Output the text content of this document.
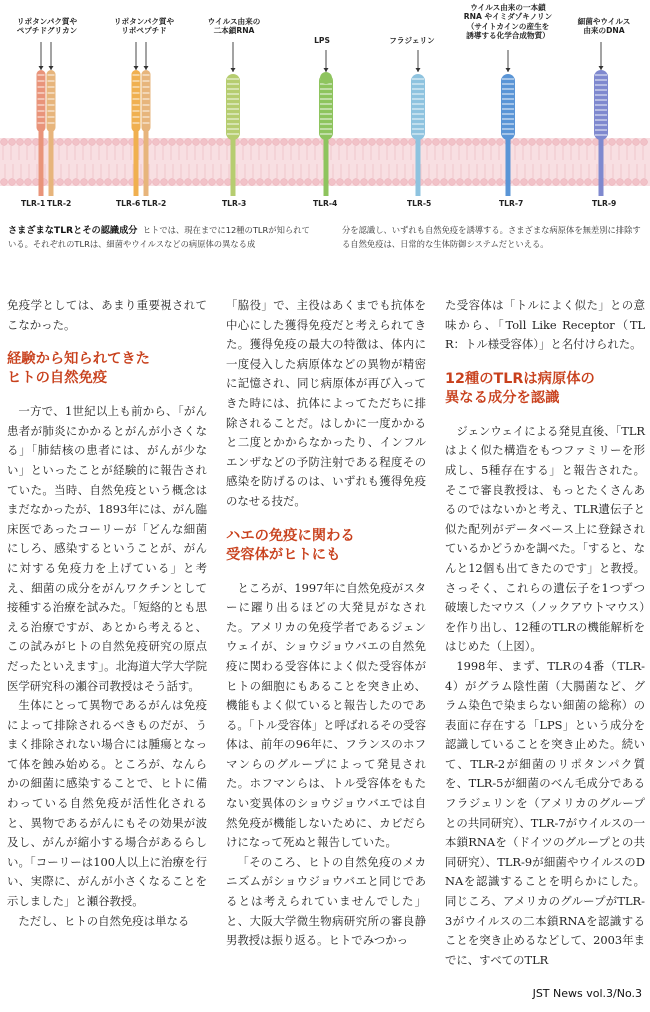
リポタンパク質や
ペプチドグリカン
リポタンパク質や
リポペプチド
ウイルス由来の
二本鎖RNA
LPS	フラジェリン
ウイルス由来の一本鎖
RNA やイミダゾキノリン
（サイトカインの産生を
誘導する化学合成物質）
細菌やウイルス
由来のDNA
TLR-1 TLR-2	TLR-6 TLR-2	TLR-3	TLR-4	TLR-5	TLR-7	TLR-9
さまざまなTLRとその認識成分 ヒトでは、現在までに12種のTLRが知られている。それぞれのTLRは、細菌やウイルスなどの病原体の異なる成
分を認識し、いずれも自然免疫を誘導する。さまざまな病原体を無差別に排除する自然免疫は、日常的な生体防御システムだといえる。

免疫学としては、あまり重要視されてこなかった。

経験から知られてきた
ヒトの自然免疫

一方で、1世紀以上も前から、「がん患者が肺炎にかかるとがんが小さくなる」「肺結核の患者には、がんが少ない」といったことが経験的に報告されていた。当時、自然免疫という概念はまだなかったが、1893年には、がん臨床医であったコーリーが「どんな細菌にしろ、感染するということが、がんに対する免疫力を上げている」と考え、細菌の成分をがんワクチンとして接種する治療を試みた。「短絡的とも思える治療ですが、あとから考えると、この試みがヒトの自然免疫研究の原点だったといえます」。北海道大学大学院医学研究科の瀬谷司教授はそう話す。

生体にとって異物であるがんは免疫によって排除されるべきものだが、うまく排除されない場合には腫瘍となって体を蝕み始める。ところが、なんらかの細菌に感染することで、ヒトに備わっている自然免疫が活性化されると、異物であるがんにもその効果が波及し、がんが縮小する場合があるらしい。「コーリーは100人以上に治療を行い、実際に、がんが小さくなることを示しました」と瀬谷教授。

ただし、ヒトの自然免疫は単なる

「脇役」で、主役はあくまでも抗体を中心にした獲得免疫だと考えられてきた。獲得免疫の最大の特徴は、体内に一度侵入した病原体などの異物が精密に記憶され、同じ病原体が再び入ってきた時には、抗体によってただちに排除されることだ。はしかに一度かかると二度とかからなかったり、インフルエンザなどの予防注射である程度その感染を防げるのは、いずれも獲得免疫のなせる技だ。

ハエの免疫に関わる
受容体がヒトにも

ところが、1997年に自然免疫がスターに躍り出るほどの大発見がなされた。アメリカの免疫学者であるジェンウェイが、ショウジョウバエの自然免疫に関わる受容体によく似た受容体がヒトの細胞にもあることを突き止め、機能もよく似ていると報告したのである。「トル受容体」と呼ばれるその受容体は、前年の96年に、フランスのホフマンらのグループによって発見された。ホフマンらは、トル受容体をもたない変異体のショウジョウバエでは自然免疫が機能しないために、カビだらけになって死ぬと報告していた。

「そのころ、ヒトの自然免疫のメカニズムがショウジョウバエと同じであるとは考えられていませんでした」と、大阪大学微生物病研究所の審良静男教授は振り返る。ヒトでみつかっ

た受容体は「トルによく似た」との意味から、「Toll Like Receptor（TLR：トル様受容体）」と名付けられた。

12種のTLRは病原体の
異なる成分を認識

ジェンウェイによる発見直後、「TLRはよく似た構造をもつファミリーを形成し、5種存在する」と報告された。そこで審良教授は、もっとたくさんあるのではないかと考え、TLR遺伝子と似た配列がデータベース上に登録されているかどうかを調べた。「すると、なんと12個も出てきたのです」と教授。さっそく、これらの遺伝子を1つずつ破壊したマウス（ノックアウトマウス）を作り出し、12種のTLRの機能解析をはじめた（上図）。

1998年、まず、TLRの4番（TLR-4）がグラム陰性菌（大腸菌など、グラム染色で染まらない細菌の総称）の表面に存在する「LPS」という成分を認識していることを突き止めた。続いて、TLR-2が細菌のリポタンパク質を、TLR-5が細菌のべん毛成分であるフラジェリンを（アメリカのグループとの共同研究）、TLR-7がウイルスの一本鎖RNAを（ドイツのグループとの共同研究）、TLR-9が細菌やウイルスのDNAを認識することを明らかにした。同じころ、アメリカのグループがTLR-3がウイルスの二本鎖RNAを認識することを突き止めるなどして、2003年までに、すべてのTLR

JST News vol.3/No.3
